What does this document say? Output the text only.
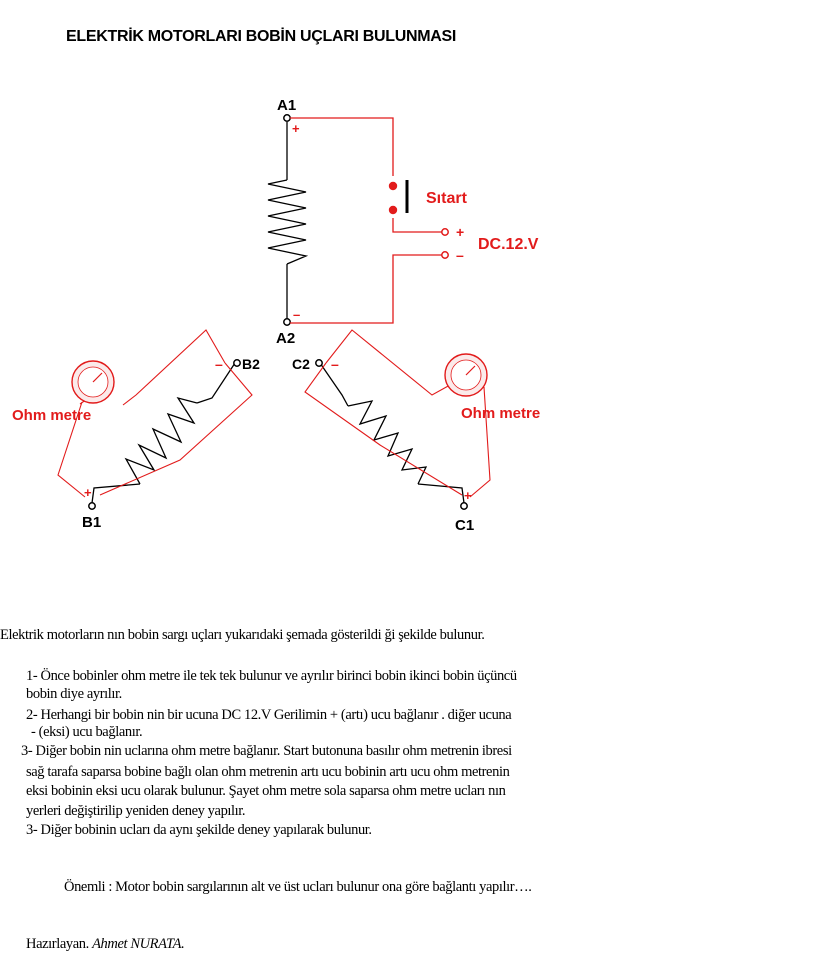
ELEKTRİK MOTORLARI BOBİN UÇLARI BULUNMASI
A1
A2
Sıtart
+
–
DC.12.V
+
–
B2
B1
Ohm metre
+
–	C2
C1
Ohm metre
+
–
Elektrik motorların nın bobin sargı uçları yukarıdaki şemada gösterildi ği şekilde bulunur.
1- Önce bobinler ohm metre ile tek tek bulunur ve ayrılır birinci bobin ikinci bobin üçüncü
bobin diye ayrılır.
2- Herhangi bir bobin nin bir ucuna DC 12.V Gerilimin + (artı) ucu bağlanır . diğer ucuna
- (eksi) ucu bağlanır.
3- Diğer bobin nin uclarına ohm metre bağlanır. Start butonuna basılır ohm metrenin ibresi
sağ tarafa saparsa bobine bağlı olan ohm metrenin artı ucu bobinin artı ucu ohm metrenin
eksi bobinin eksi ucu olarak bulunur. Şayet ohm metre sola saparsa ohm metre ucları nın
yerleri değiştirilip yeniden deney yapılır.
3- Diğer bobinin ucları da aynı şekilde deney yapılarak bulunur.
Önemli : Motor bobin sargılarının alt ve üst ucları bulunur ona göre bağlantı yapılır….
Hazırlayan. Ahmet NURATA.
